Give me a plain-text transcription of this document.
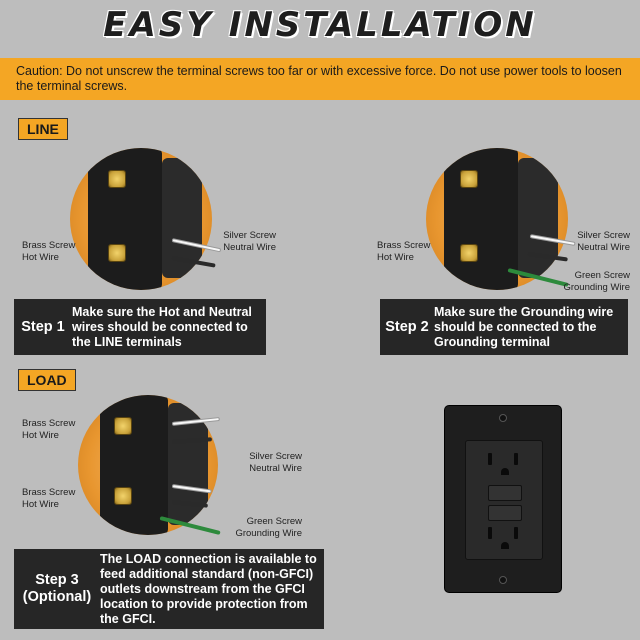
EASY INSTALLATION
Caution: Do not unscrew the terminal screws too far or with excessive force. Do not use power tools to loosen the terminal screws.
LINE
Brass Screw
Hot Wire
Silver Screw
Neutral Wire
Step 1
Make sure the Hot and Neutral wires should be connected to the LINE terminals
Brass Screw
Hot Wire
Silver Screw
Neutral Wire
Green Screw
Grounding Wire
Step 2
Make sure the Grounding wire should be connected to the Grounding terminal
LOAD
Brass Screw
Hot Wire
Brass Screw
Hot Wire
Silver Screw
Neutral Wire
Green Screw
Grounding Wire
Step 3
(Optional)
The LOAD connection is available to feed additional standard (non-GFCI) outlets downstream from the GFCI location to provide protection from the GFCI.
